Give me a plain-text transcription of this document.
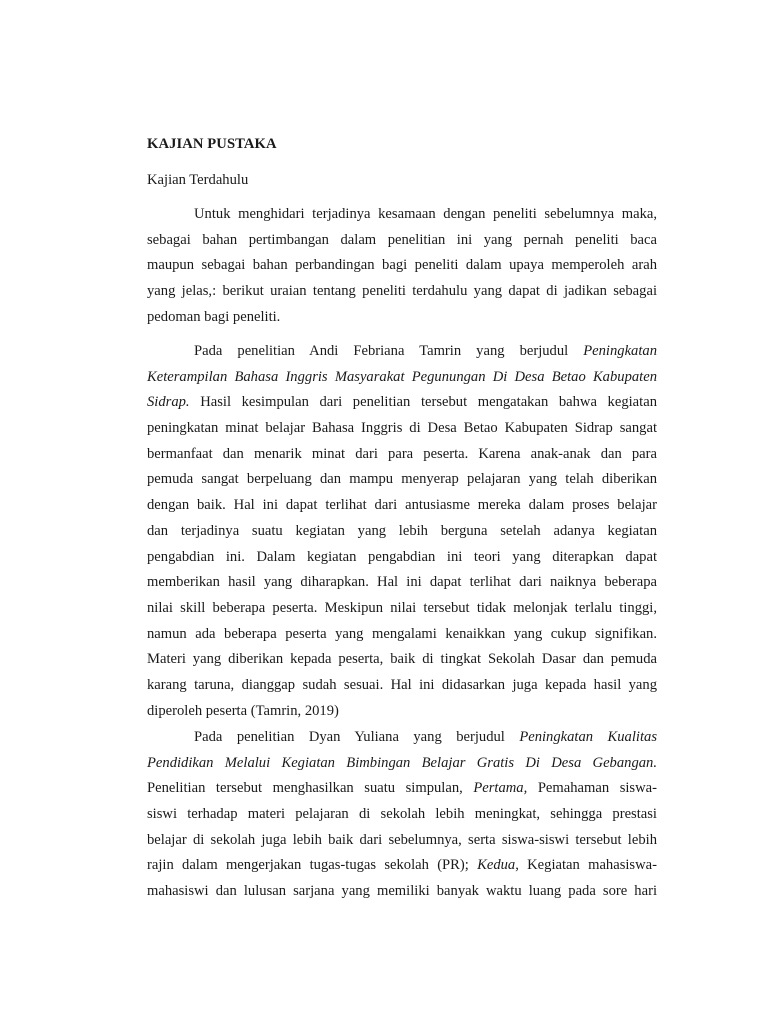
KAJIAN PUSTAKA
Kajian Terdahulu
Untuk menghidari terjadinya kesamaan dengan peneliti sebelumnya maka,
sebagai bahan pertimbangan dalam penelitian ini yang pernah peneliti baca
maupun sebagai bahan perbandingan bagi peneliti dalam upaya memperoleh arah
yang jelas,: berikut uraian tentang peneliti terdahulu yang dapat di jadikan sebagai
pedoman bagi peneliti.
Pada penelitian Andi Febriana Tamrin yang berjudul Peningkatan
Keterampilan Bahasa Inggris Masyarakat Pegunungan Di Desa Betao Kabupaten
Sidrap. Hasil kesimpulan dari penelitian tersebut mengatakan bahwa kegiatan
peningkatan minat belajar Bahasa Inggris di Desa Betao Kabupaten Sidrap sangat
bermanfaat dan menarik minat dari para peserta. Karena anak-anak dan para
pemuda sangat berpeluang dan mampu menyerap pelajaran yang telah diberikan
dengan baik. Hal ini dapat terlihat dari antusiasme mereka dalam proses belajar
dan terjadinya suatu kegiatan yang lebih berguna setelah adanya kegiatan
pengabdian ini. Dalam kegiatan pengabdian ini teori yang diterapkan dapat
memberikan hasil yang diharapkan. Hal ini dapat terlihat dari naiknya beberapa
nilai skill beberapa peserta. Meskipun nilai tersebut tidak melonjak terlalu tinggi,
namun ada beberapa peserta yang mengalami kenaikkan yang cukup signifikan.
Materi yang diberikan kepada peserta, baik di tingkat Sekolah Dasar dan pemuda
karang taruna, dianggap sudah sesuai. Hal ini didasarkan juga kepada hasil yang
diperoleh peserta (Tamrin, 2019)
Pada penelitian Dyan Yuliana yang berjudul Peningkatan Kualitas
Pendidikan Melalui Kegiatan Bimbingan Belajar Gratis Di Desa Gebangan.
Penelitian tersebut menghasilkan suatu simpulan, Pertama, Pemahaman siswa-
siswi terhadap materi pelajaran di sekolah lebih meningkat, sehingga prestasi
belajar di sekolah juga lebih baik dari sebelumnya, serta siswa-siswi tersebut lebih
rajin dalam mengerjakan tugas-tugas sekolah (PR); Kedua, Kegiatan mahasiswa-
mahasiswi dan lulusan sarjana yang memiliki banyak waktu luang pada sore hari
